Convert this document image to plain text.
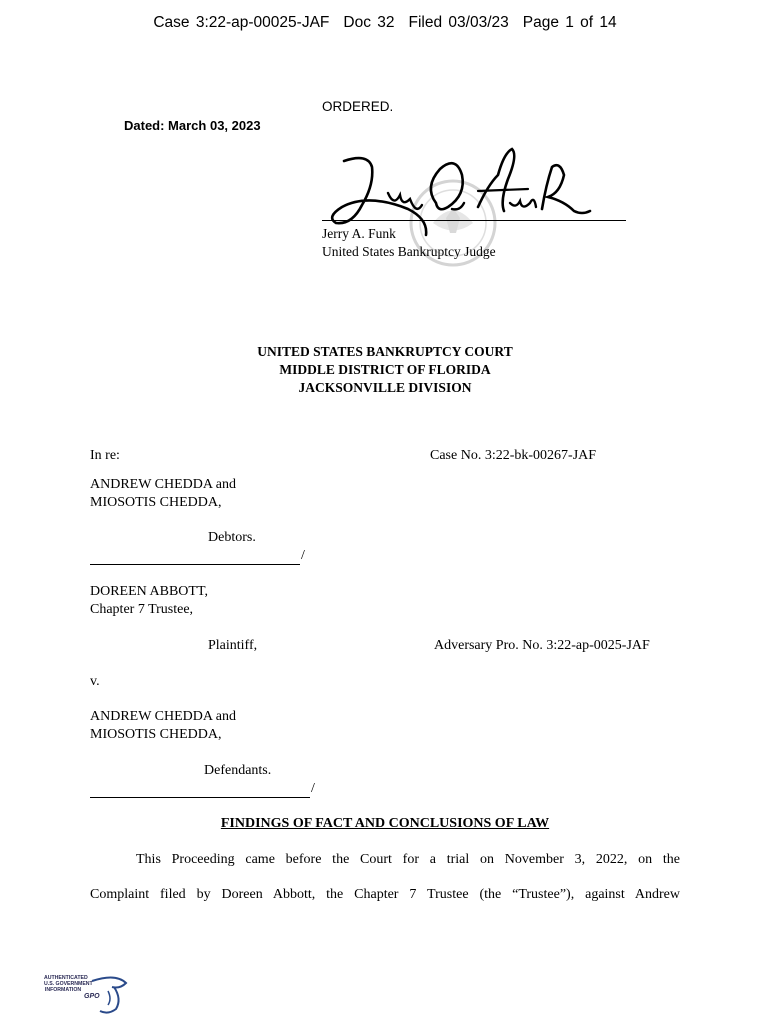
Case 3:22-ap-00025-JAF Doc 32 Filed 03/03/23 Page 1 of 14
ORDERED.
Dated: March 03, 2023
Jerry A. Funk
United States Bankruptcy Judge
UNITED STATES BANKRUPTCY COURT
MIDDLE DISTRICT OF FLORIDA
JACKSONVILLE DIVISION
In re:	Case No. 3:22-bk-00267-JAF
ANDREW CHEDDA and
MIOSOTIS CHEDDA,
Debtors.
/
DOREEN ABBOTT,
Chapter 7 Trustee,
Plaintiff,	Adversary Pro. No. 3:22-ap-0025-JAF
v.
ANDREW CHEDDA and
MIOSOTIS CHEDDA,
Defendants.
/
FINDINGS OF FACT AND CONCLUSIONS OF LAW
This Proceeding came before the Court for a trial on November 3, 2022, on the
Complaint filed by Doreen Abbott, the Chapter 7 Trustee (the “Trustee”), against Andrew
AUTHENTICATED
U.S. GOVERNMENT
INFORMATION
GPO
